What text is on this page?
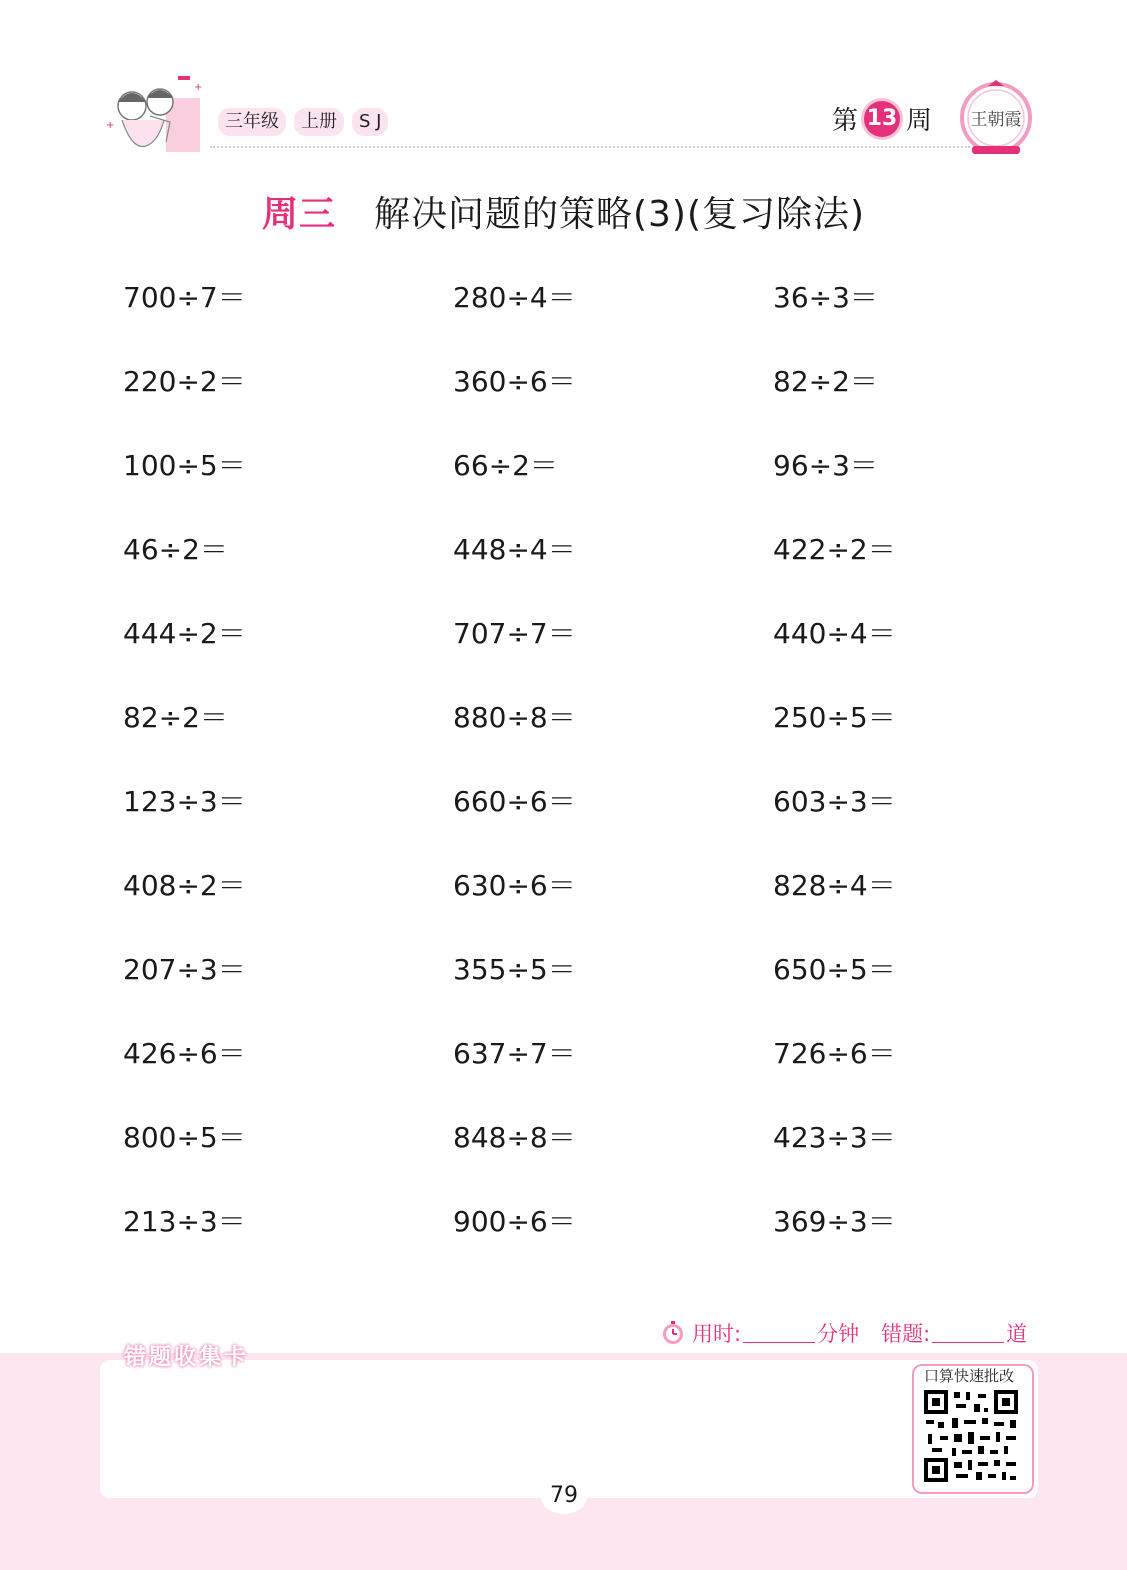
+
+
三年级	上册	S J	第 13 周 王朝霞
周三 解决问题的策略(3)(复习除法)
700÷7＝	280÷4＝	36÷3＝
220÷2＝	360÷6＝	82÷2＝
100÷5＝	66÷2＝	96÷3＝
46÷2＝	448÷4＝	422÷2＝
444÷2＝	707÷7＝	440÷4＝
82÷2＝	880÷8＝	250÷5＝
123÷3＝	660÷6＝	603÷3＝
408÷2＝	630÷6＝	828÷4＝
207÷3＝	355÷5＝	650÷5＝
426÷6＝	637÷7＝	726÷6＝
800÷5＝	848÷8＝	423÷3＝
213÷3＝	900÷6＝	369÷3＝
用时:	分钟 错题:	道
错题收集卡
口算快速批改
79
